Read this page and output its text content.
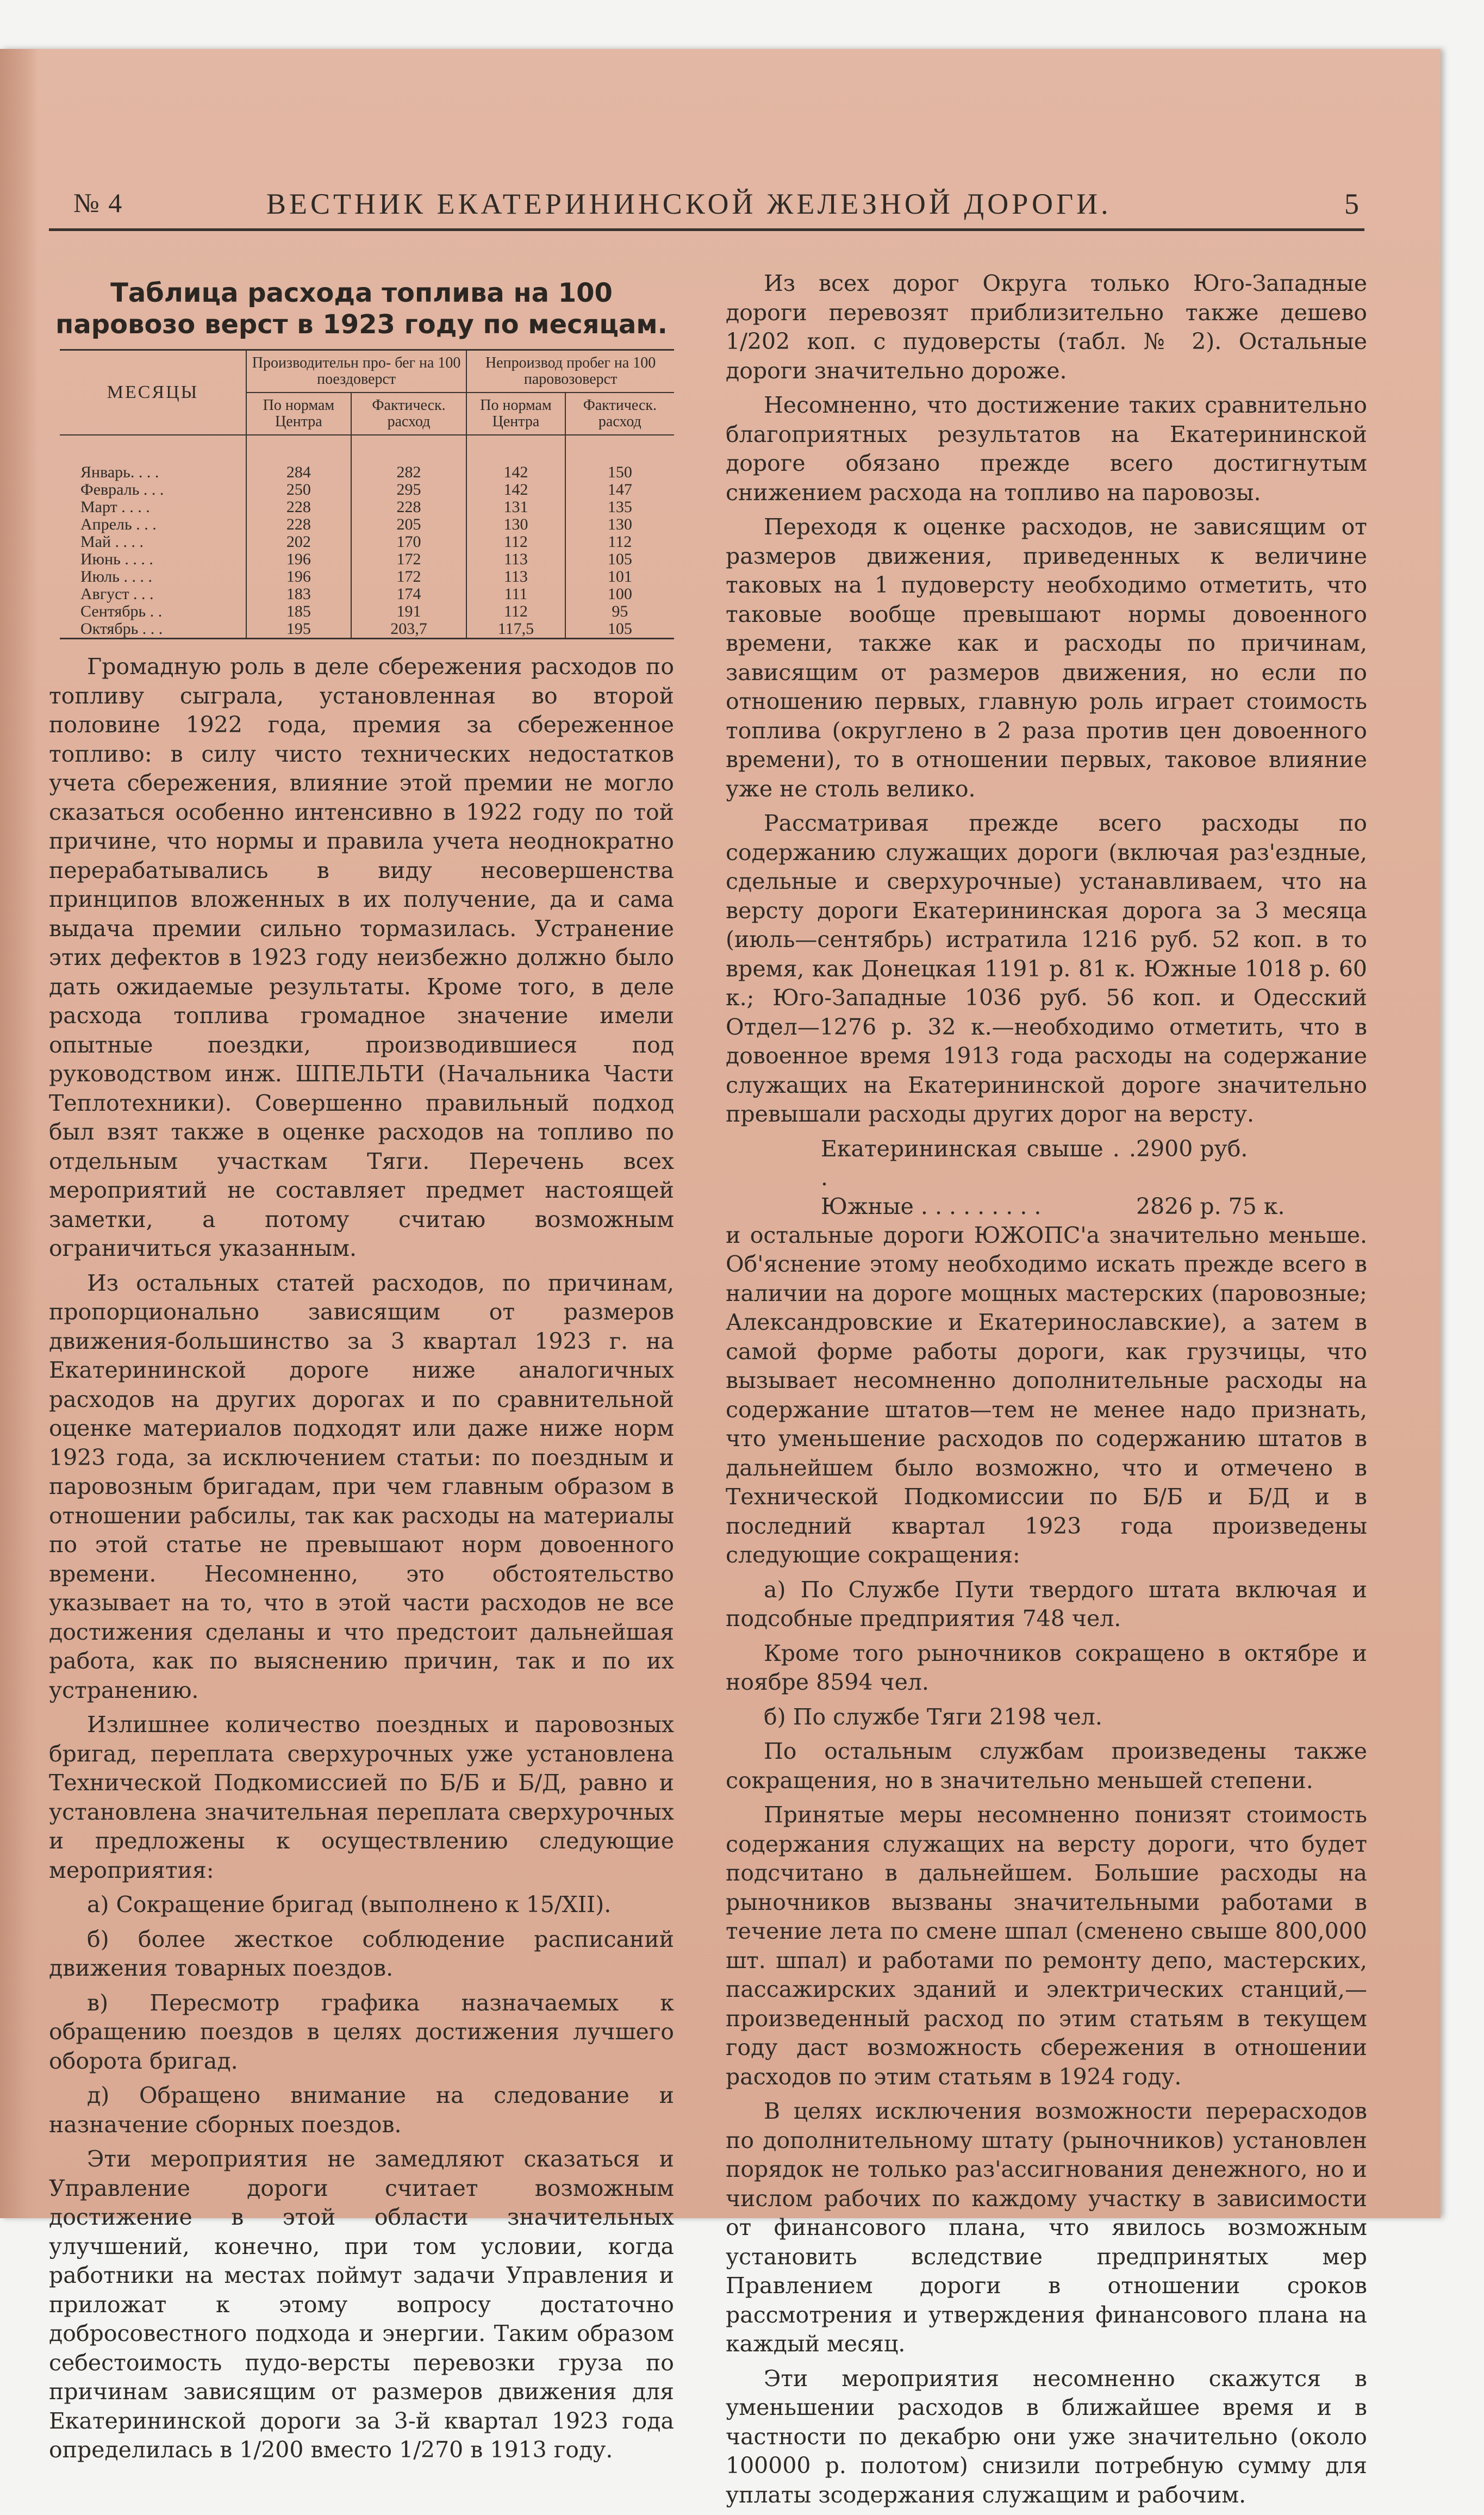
№ 4	ВЕСТНИК ЕКАТЕРИНИНСКОЙ ЖЕЛЕЗНОЙ ДОРОГИ.	5
Таблица расхода топлива на 100 паровозо верст в 1923 году по месяцам.
МЕСЯЦЫ	Производительн про- бег на 100 поездоверст		Непроизвод пробег на 100 паровозоверст	
	По нормам Центра	Фактическ. расход	По нормам Центра	Фактическ. расход

Январь. . . .	284	282	142	150
Февраль . . .	250	295	142	147
Март . . . .	228	228	131	135
Апрель . . .	228	205	130	130
Май . . . .	202	170	112	112
Июнь . . . .	196	172	113	105
Июль . . . .	196	172	113	101
Август . . .	183	174	111	100
Сентябрь . .	185	191	112	95
Октябрь . . .	195	203,7	117,5	105

Громадную роль в деле сбережения расходов по топливу сыграла, установленная во второй половине 1922 года, премия за сбереженное топливо: в силу чисто технических недостатков учета сбережения, влияние этой премии не могло сказаться особенно интенсивно в 1922 году по той причине, что нормы и правила учета неоднократно перерабатывались в виду несовершенства принципов вложенных в их получение, да и сама выдача премии сильно тормазилась. Устранение этих дефектов в 1923 году неизбежно должно было дать ожидаемые результаты. Кроме того, в деле расхода топлива громадное значение имели опытные поездки, производившиеся под руководством инж. ШПЕЛЬТИ (Начальника Части Теплотехники). Совершенно правильный подход был взят также в оценке расходов на топливо по отдельным участкам Тяги. Перечень всех мероприятий не составляет предмет настоящей заметки, а потому считаю возможным ограничиться указанным.

Из остальных статей расходов, по причинам, пропорционально зависящим от размеров движения-большинство за 3 квартал 1923 г. на Екатерининской дороге ниже аналогичных расходов на других дорогах и по сравнительной оценке материалов подходят или даже ниже норм 1923 года, за исключением статьи: по поездным и паровозным бригадам, при чем главным образом в отношении рабсилы, так как расходы на материалы по этой статье не превышают норм довоенного времени. Несомненно, это обстоятельство указывает на то, что в этой части расходов не все достижения сделаны и что предстоит дальнейшая работа, как по выяснению причин, так и по их устранению.

Излишнее количество поездных и паровозных бригад, переплата сверхурочных уже установлена Технической Подкомиссией по Б/Б и Б/Д, равно и установлена значительная переплата сверхурочных и предложены к осуществлению следующие мероприятия:

а) Сокращение бригад (выполнено к 15/XII).

б) более жесткое соблюдение расписаний движения товарных поездов.

в) Пересмотр графика назначаемых к обращению поездов в целях достижения лучшего оборота бригад.

д) Обращено внимание на следование и назначение сборных поездов.

Эти мероприятия не замедляют сказаться и Управление дороги считает возможным достижение в этой области значительных улучшений, конечно, при том условии, когда работники на местах поймут задачи Управления и приложат к этому вопросу достаточно добросовестного подхода и энергии. Таким образом себестоимость пудо-версты перевозки груза по причинам зависящим от размеров движения для Екатерининской дороги за 3-й квартал 1923 года определилась в 1/200 вместо 1/270 в 1913 году.

Из всех дорог Округа только Юго-Западные дороги перевозят приблизительно также дешево 1/202 коп. с пудоверсты (табл. № 2). Остальные дороги значительно дороже.

Несомненно, что достижение таких сравнительно благоприятных результатов на Екатерининской дороге обязано прежде всего достигнутым снижением расхода на топливо на паровозы.

Переходя к оценке расходов, не зависящим от размеров движения, приведенных к величине таковых на 1 пудоверсту необходимо отметить, что таковые вообще превышают нормы довоенного времени, также как и расходы по причинам, зависящим от размеров движения, но если по отношению первых, главную роль играет стоимость топлива (округлено в 2 раза против цен довоенного времени), то в отношении первых, таковое влияние уже не столь велико.

Рассматривая прежде всего расходы по содержанию служащих дороги (включая раз'ездные, сдельные и сверхурочные) устанавливаем, что на версту дороги Екатерининская дорога за 3 месяца (июль—сентябрь) истратила 1216 руб. 52 коп. в то время, как Донецкая 1191 р. 81 к. Южные 1018 р. 60 к.; Юго-Западные 1036 руб. 56 коп. и Одесский Отдел—1276 р. 32 к.—необходимо отметить, что в довоенное время 1913 года расходы на содержание служащих на Екатерининской дороге значительно превышали расходы других дорог на версту.

Екатерининская свыше . . .
2900 руб.
Южные . . . . . . . . .	2826 р. 75 к.

и остальные дороги ЮЖОПС'а значительно меньше. Об'яснение этому необходимо искать прежде всего в наличии на дороге мощных мастерских (паровозные; Александровские и Екатеринославские), а затем в самой форме работы дороги, как грузчицы, что вызывает несомненно дополнительные расходы на содержание штатов—тем не менее надо признать, что уменьшение расходов по содержанию штатов в дальнейшем было возможно, что и отмечено в Технической Подкомиссии по Б/Б и Б/Д и в последний квартал 1923 года произведены следующие сокращения:

а) По Службе Пути твердого штата включая и подсобные предприятия 748 чел.

Кроме того рыночников сокращено в октябре и ноябре 8594 чел.

б) По службе Тяги 2198 чел.

По остальным службам произведены также сокращения, но в значительно меньшей степени.

Принятые меры несомненно понизят стоимость содержания служащих на версту дороги, что будет подсчитано в дальнейшем. Большие расходы на рыночников вызваны значительными работами в течение лета по смене шпал (сменено свыше 800,000 шт. шпал) и работами по ремонту депо, мастерских, пассажирских зданий и электрических станций,—произведенный расход по этим статьям в текущем году даст возможность сбережения в отношении расходов по этим статьям в 1924 году.

В целях исключения возможности перерасходов по дополнительному штату (рыночников) установлен порядок не только раз'ассигнования денежного, но и числом рабочих по каждому участку в зависимости от финансового плана, что явилось возможным установить вследствие предпринятых мер Правлением дороги в отношении сроков рассмотрения и утверждения финансового плана на каждый месяц.

Эти мероприятия несомненно скажутся в уменьшении расходов в ближайшее время и в частности по декабрю они уже значительно (около 100000 р. полотом) снизили потребную сумму для уплаты зсодержания служащим и рабочим.
